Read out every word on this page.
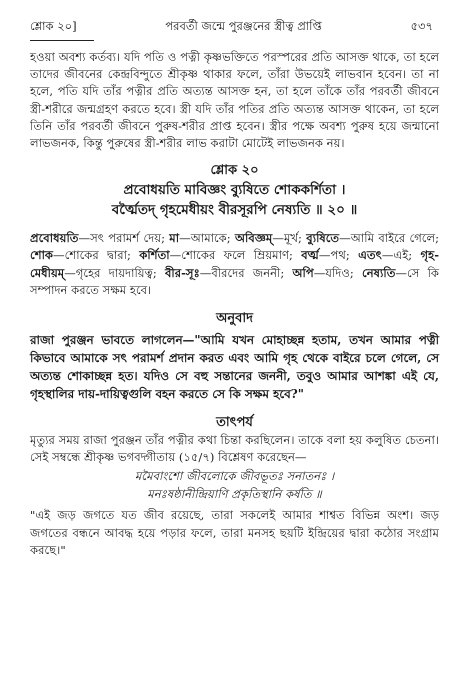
শ্লোক ২০]	পরবর্তী জন্মে পুরঞ্জনের স্ত্রীত্ব প্রাপ্তি	৫৩৭

হওয়া অবশ্য কর্তব্য। যদি পতি ও পত্নী কৃষ্ণভক্তিতে পরস্পরের প্রতি আসক্ত থাকে, তা হলে তাদের জীবনের কেন্দ্রবিন্দুতে শ্রীকৃষ্ণ থাকার ফলে, তাঁরা উভয়েই লাভবান হবেন। তা না হলে, পতি যদি তাঁর পত্নীর প্রতি অত্যন্ত আসক্ত হন, তা হলে তাঁকে তাঁর পরবর্তী জীবনে স্ত্রী-শরীরে জন্মগ্রহণ করতে হবে। স্ত্রী যদি তাঁর পতির প্রতি অত্যন্ত আসক্ত থাকেন, তা হলে তিনি তাঁর পরবর্তী জীবনে পুরুষ-শরীর প্রাপ্ত হবেন। স্ত্রীর পক্ষে অবশ্য পুরুষ হয়ে জন্মানো লাভজনক, কিন্তু পুরুষের স্ত্রী-শরীর লাভ করাটা মোটেই লাভজনক নয়।

শ্লোক ২০
প্রবোধয়তি মাবিজ্ঞং ব্যুষিতে শোককর্শিতা ।
বর্ত্মৈতদ্ গৃহমেধীয়ং বীরসূরপি নেষ্যতি ॥ ২০ ॥

প্রবোধয়তি—সৎ পরামর্শ দেয়; মা—আমাকে; অবিজ্ঞম্—মূর্খ; ব্যুষিতে—আমি বাইরে গেলে; শোক—শোকের দ্বারা; কর্শিতা—শোকের ফলে ম্রিয়মাণ; বর্ত্ম—পথ; এতৎ—এই; গৃহ-মেধীয়ম্—গৃহের দায়দায়িত্ব; বীর-সূঃ—বীরদের জননী; অপি—যদিও; নেষ্যতি—সে কি সম্পাদন করতে সক্ষম হবে।

অনুবাদ

রাজা পুরঞ্জন ভাবতে লাগলেন—"আমি যখন মোহাচ্ছন্ন হতাম, তখন আমার পত্নী কিভাবে আমাকে সৎ পরামর্শ প্রদান করত এবং আমি গৃহ থেকে বাইরে চলে গেলে, সে অত্যন্ত শোকাচ্ছন্ন হত। যদিও সে বহু সন্তানের জননী, তবুও আমার আশঙ্কা এই যে, গৃহস্থালির দায়-দায়িত্বগুলি বহন করতে সে কি সক্ষম হবে?"

তাৎপর্য

মৃত্যুর সময় রাজা পুরঞ্জন তাঁর পত্নীর কথা চিন্তা করছিলেন। তাকে বলা হয় কলুষিত চেতনা। সেই সম্বন্ধে শ্রীকৃষ্ণ ভগবদ্গীতায় (১৫/৭) বিশ্লেষণ করেছেন—

মমৈবাংশো জীবলোকে জীবভূতঃ সনাতনঃ ।
মনঃষষ্ঠানীন্দ্রিয়াণি প্রকৃতিস্থানি কর্ষতি ॥

"এই জড় জগতে যত জীব রয়েছে, তারা সকলেই আমার শাশ্বত বিভিন্ন অংশ। জড় জগতের বন্ধনে আবদ্ধ হয়ে পড়ার ফলে, তারা মনসহ ছয়টি ইন্দ্রিয়ের দ্বারা কঠোর সংগ্রাম করছে।"
